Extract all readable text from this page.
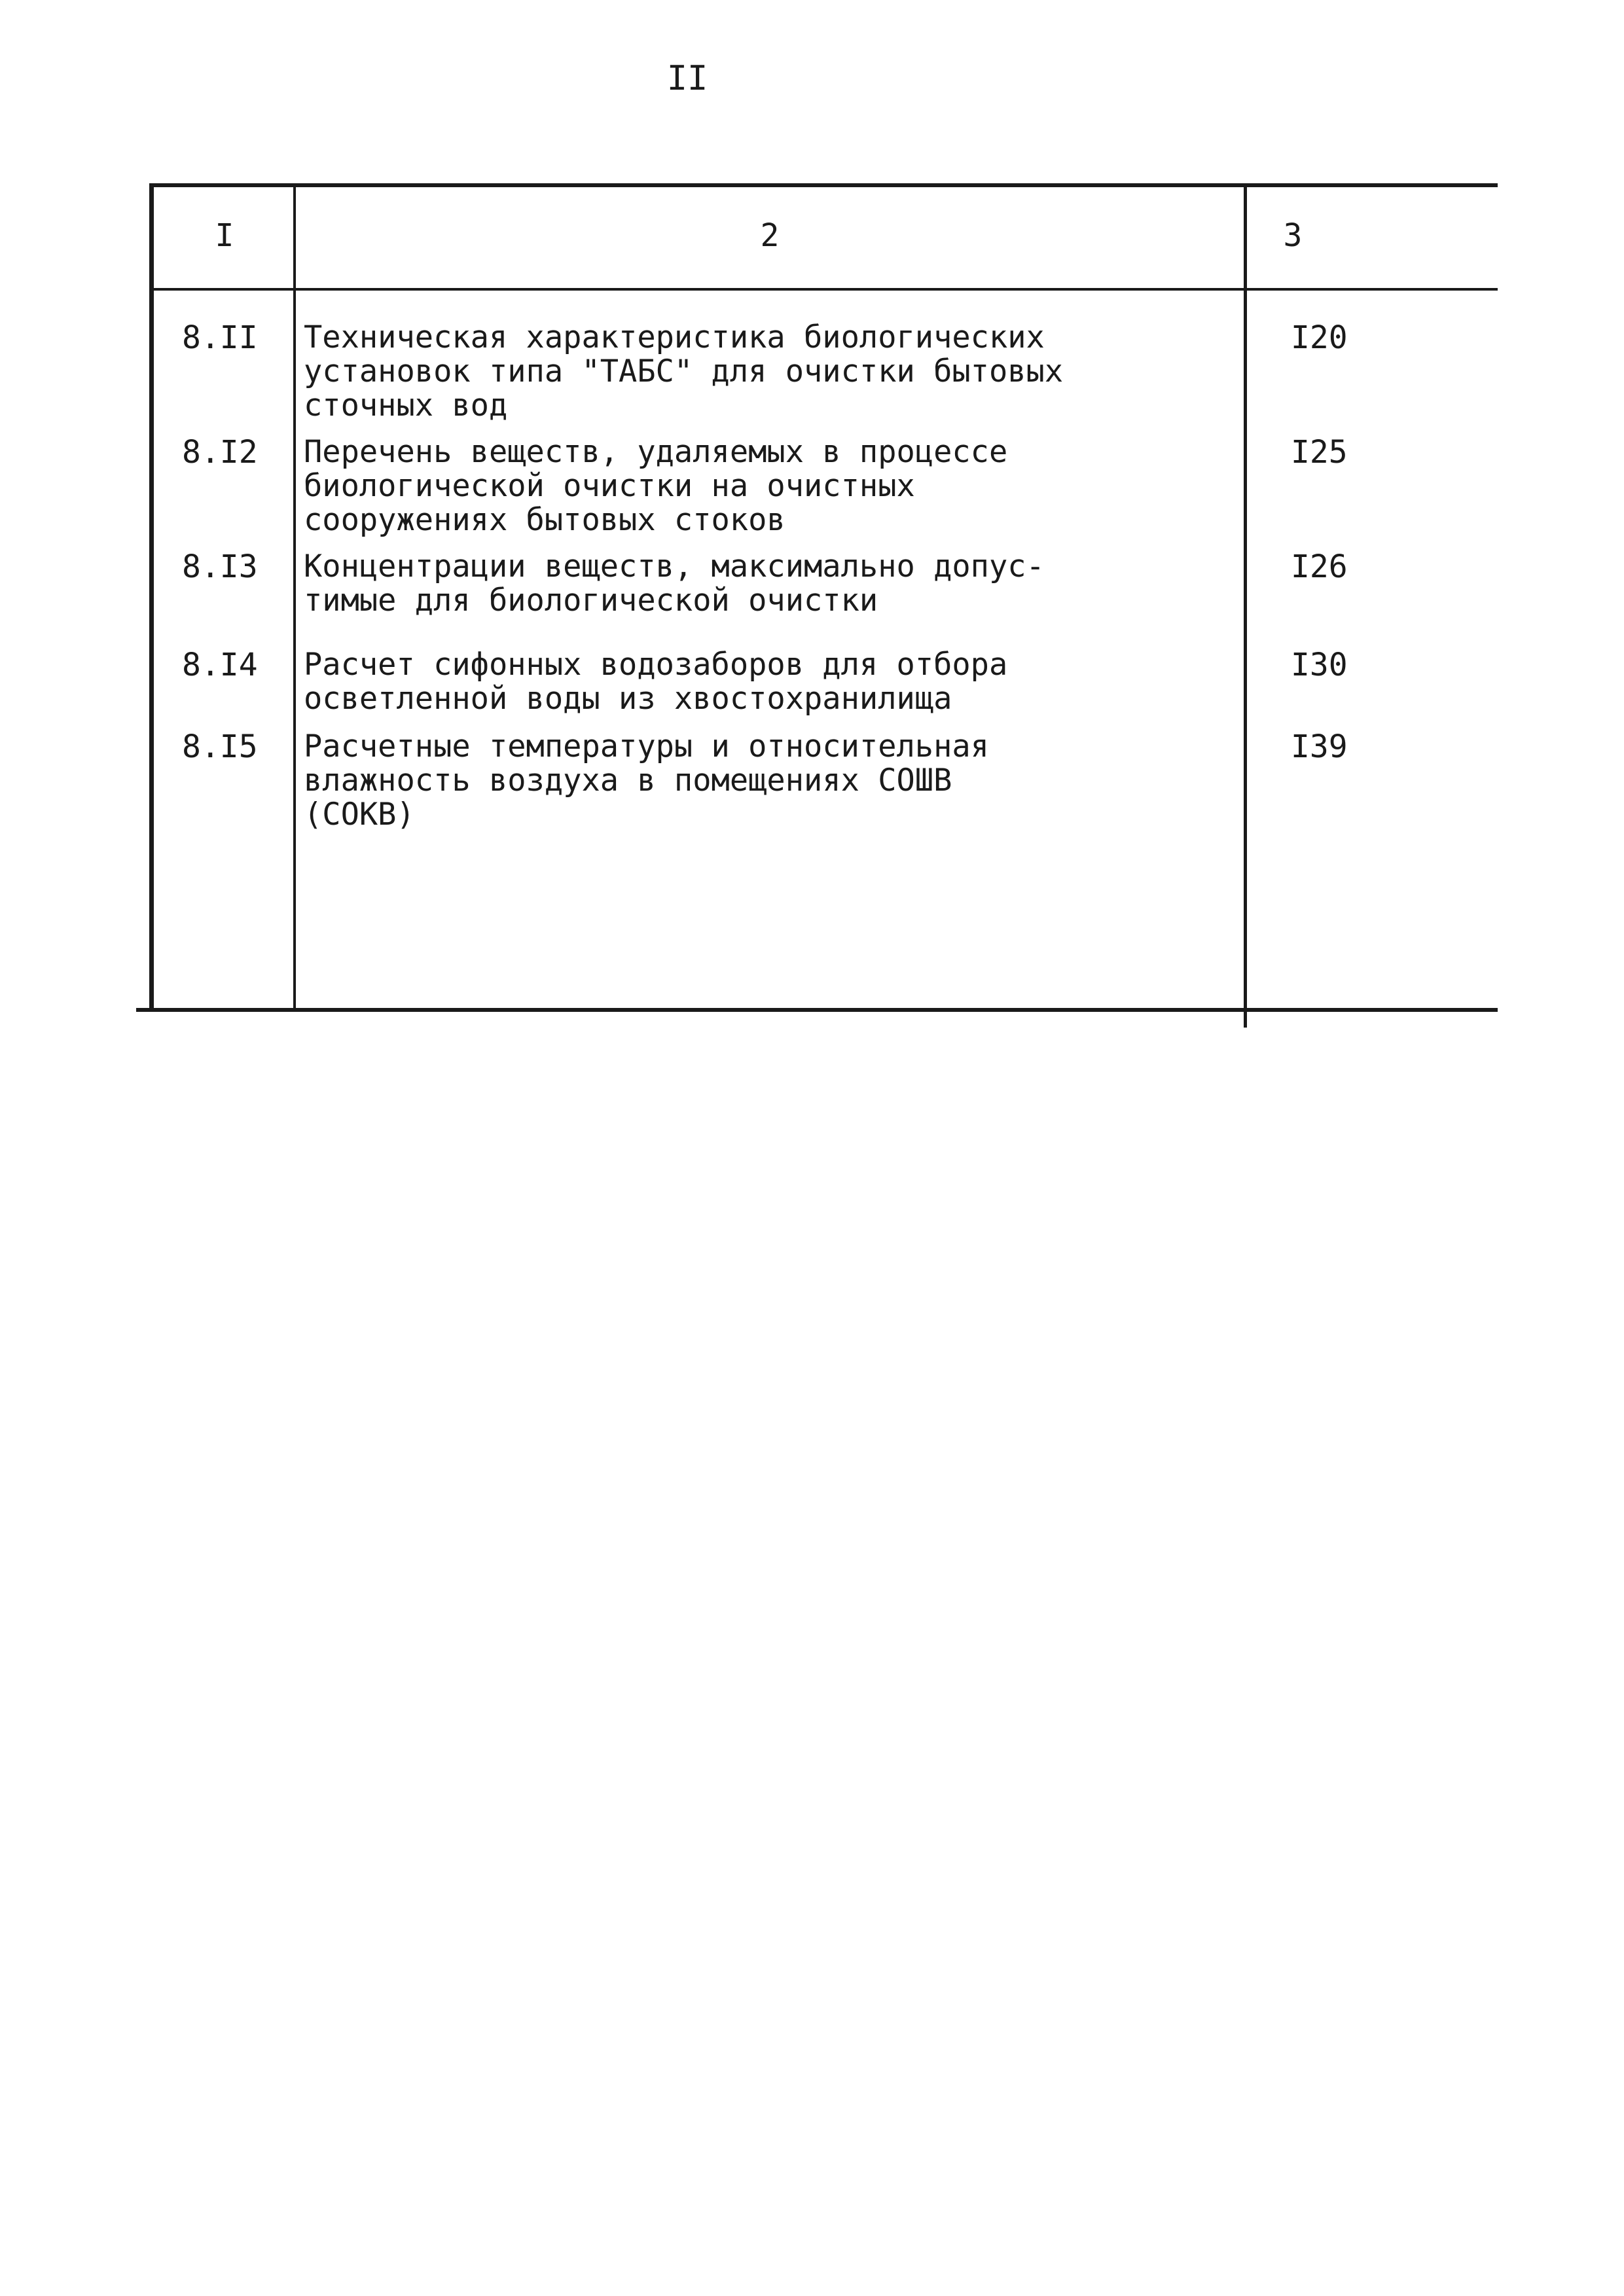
II
I	2	3
8.II Техническая характеристика биологических
установок типа "ТАБС" для очистки бытовых
сточных вод
I20
8.I2 Перечень веществ, удаляемых в процессе
биологической очистки на очистных
сооружениях бытовых стоков
I25
8.I3 Концентрации веществ, максимально допус-
тимые для биологической очистки
I26
8.I4 Расчет сифонных водозаборов для отбора
осветленной воды из хвостохранилища
I30
8.I5 Расчетные температуры и относительная
влажность воздуха в помещениях СОШВ
(СОКВ)
I39
